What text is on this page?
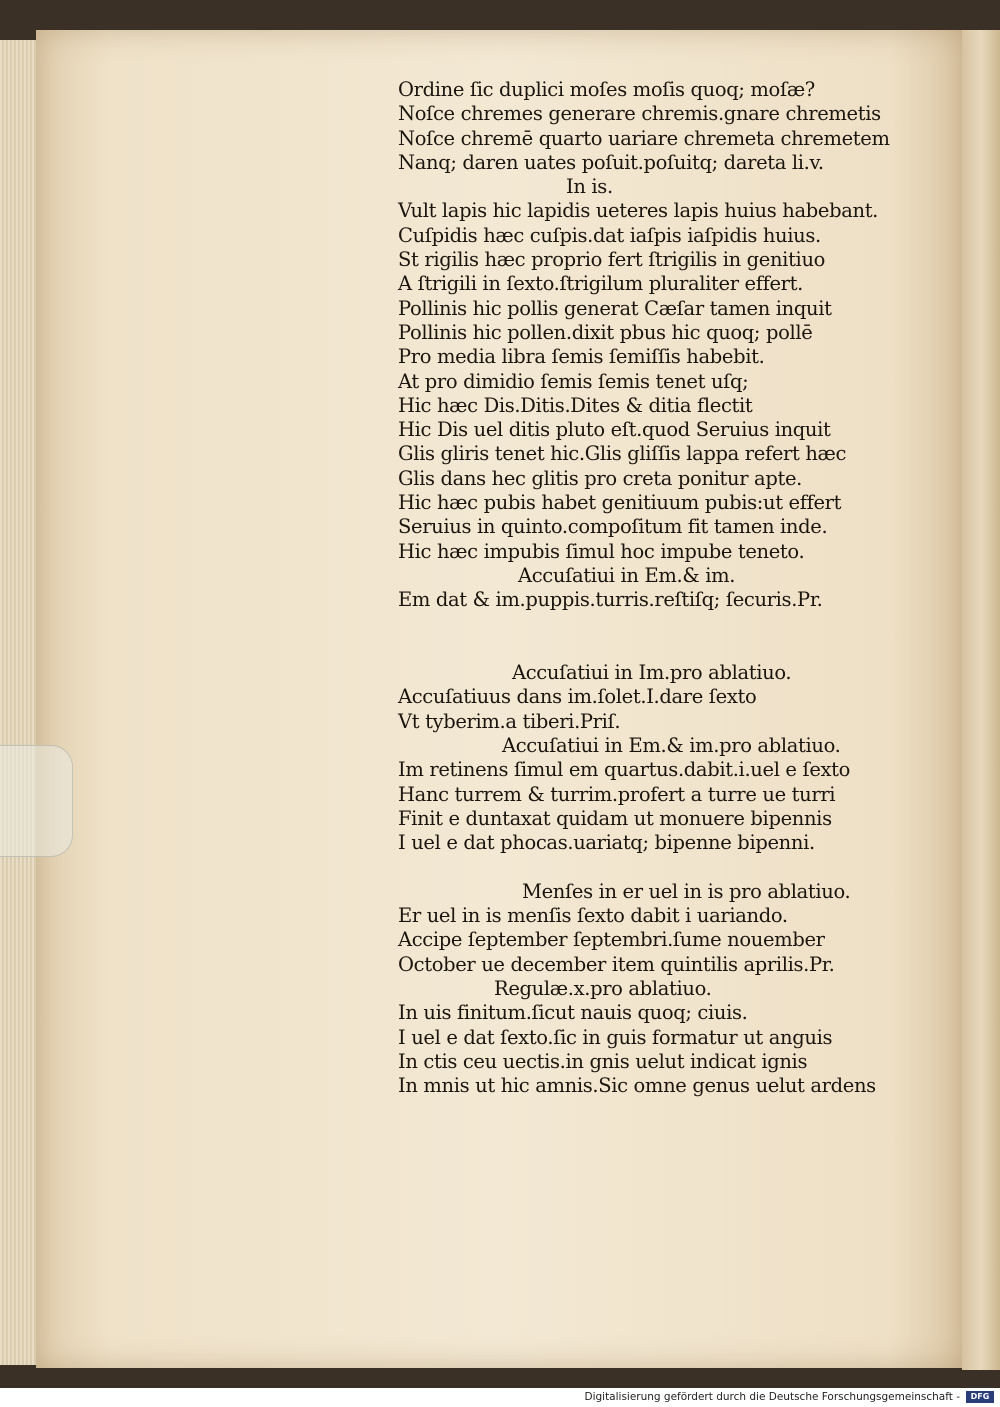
Ordine ſic duplici moſes moſis quoq; moſæ?
Noſce chremes generare chremis.gnare chremetis
Noſce chremē quarto uariare chremeta chremetem
Nanq; daren uates poſuit.poſuitq; dareta li.v.
In is.
Vult lapis hic lapidis ueteres lapis huius habebant.
Cuſpidis hæc cuſpis.dat iaſpis iaſpidis huius.
St rigilis hæc proprio fert ſtrigilis in genitiuo
A ſtrigili in ſexto.ſtrigilum pluraliter effert.
Pollinis hic pollis generat Cæſar tamen inquit
Pollinis hic pollen.dixit pbus hic quoq; pollē
Pro media libra ſemis ſemiſſis habebit.
At pro dimidio ſemis ſemis tenet uſq;
Hic hæc Dis.Ditis.Dites & ditia flectit
Hic Dis uel ditis pluto eſt.quod Seruius inquit
Glis gliris tenet hic.Glis gliſſis lappa refert hæc
Glis dans hec glitis pro creta ponitur apte.
Hic hæc pubis habet genitiuum pubis:ut effert
Seruius in quinto.compoſitum fit tamen inde.
Hic hæc impubis ſimul hoc impube teneto.
Accuſatiui in Em.& im.
Em dat & im.puppis.turris.reſtiſq; ſecuris.Pr.
Accuſatiui in Im.pro ablatiuo.
Accuſatiuus dans im.ſolet.I.dare ſexto
Vt tyberim.a tiberi.Priſ.
Accuſatiui in Em.& im.pro ablatiuo.
Im retinens ſimul em quartus.dabit.i.uel e ſexto
Hanc turrem & turrim.profert a turre ue turri
Finit e duntaxat quidam ut monuere bipennis
I uel e dat phocas.uariatq; bipenne bipenni.
Menſes in er uel in is pro ablatiuo.
Er uel in is menſis ſexto dabit i uariando.
Accipe ſeptember ſeptembri.ſume nouember
October ue december item quintilis aprilis.Pr.
Regulæ.x.pro ablatiuo.
In uis finitum.ſicut nauis quoq; ciuis.
I uel e dat ſexto.ſic in guis formatur ut anguis
In ctis ceu uectis.in gnis uelut indicat ignis
In mnis ut hic amnis.Sic omne genus uelut ardens
Digitalisierung gefördert durch die Deutsche Forschungsgemeinschaft -	DFG
